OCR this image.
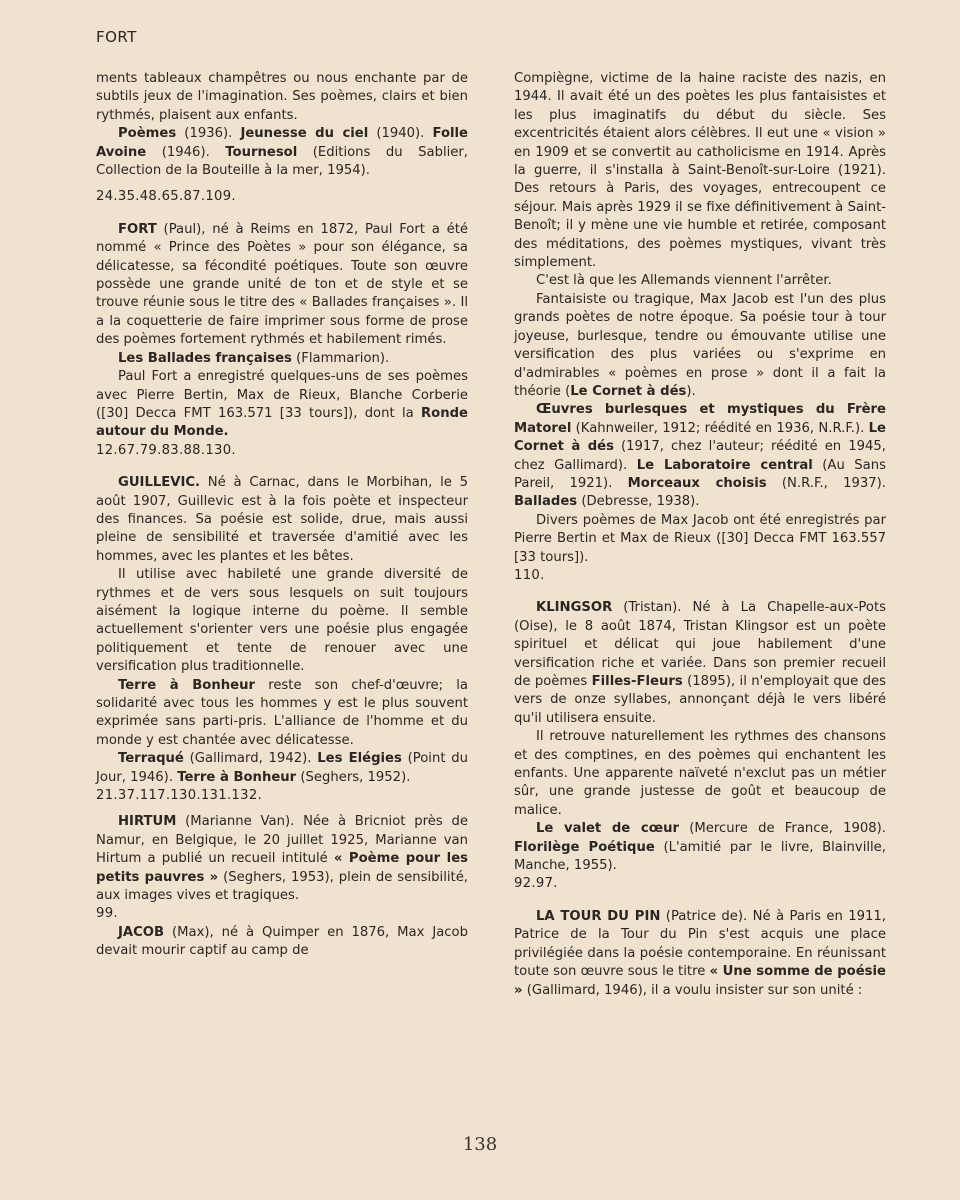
FORT

ments tableaux champêtres ou nous enchante par de subtils jeux de l'imagination. Ses poèmes, clairs et bien rythmés, plaisent aux enfants.

Poèmes (1936). Jeunesse du ciel (1940). Folle Avoine (1946). Tournesol (Editions du Sablier, Collection de la Bouteille à la mer, 1954).

24.35.48.65.87.109.

FORT (Paul), né à Reims en 1872, Paul Fort a été nommé « Prince des Poètes » pour son élégance, sa délicatesse, sa fécondité poétiques. Toute son œuvre possède une grande unité de ton et de style et se trouve réunie sous le titre des « Ballades françaises ». Il a la coquetterie de faire imprimer sous forme de prose des poèmes fortement rythmés et habilement rimés.

Les Ballades françaises (Flammarion).

Paul Fort a enregistré quelques-uns de ses poèmes avec Pierre Bertin, Max de Rieux, Blanche Corberie ([30] Decca FMT 163.571 [33 tours]), dont la Ronde autour du Monde.

12.67.79.83.88.130.

GUILLEVIC. Né à Carnac, dans le Morbihan, le 5 août 1907, Guillevic est à la fois poète et inspecteur des finances. Sa poésie est solide, drue, mais aussi pleine de sensibilité et traversée d'amitié avec les hommes, avec les plantes et les bêtes.

Il utilise avec habileté une grande diversité de rythmes et de vers sous lesquels on suit toujours aisément la logique interne du poème. Il semble actuellement s'orienter vers une poésie plus engagée politiquement et tente de renouer avec une versification plus traditionnelle.

Terre à Bonheur reste son chef-d'œuvre; la solidarité avec tous les hommes y est le plus souvent exprimée sans parti-pris. L'alliance de l'homme et du monde y est chantée avec délicatesse.

Terraqué (Gallimard, 1942). Les Elégies (Point du Jour, 1946). Terre à Bonheur (Seghers, 1952).

21.37.117.130.131.132.

HIRTUM (Marianne Van). Née à Bricniot près de Namur, en Belgique, le 20 juillet 1925, Marianne van Hirtum a publié un recueil intitulé « Poème pour les petits pauvres » (Seghers, 1953), plein de sensibilité, aux images vives et tragiques.

99.

JACOB (Max), né à Quimper en 1876, Max Jacob devait mourir captif au camp de

Compiègne, victime de la haine raciste des nazis, en 1944. Il avait été un des poètes les plus fantaisistes et les plus imaginatifs du début du siècle. Ses excentricités étaient alors célèbres. Il eut une « vision » en 1909 et se convertit au catholicisme en 1914. Après la guerre, il s'installa à Saint-Benoît-sur-Loire (1921). Des retours à Paris, des voyages, entrecoupent ce séjour. Mais après 1929 il se fixe définitivement à Saint-Benoît; il y mène une vie humble et retirée, composant des méditations, des poèmes mystiques, vivant très simplement.

C'est là que les Allemands viennent l'arrêter.

Fantaisiste ou tragique, Max Jacob est l'un des plus grands poètes de notre époque. Sa poésie tour à tour joyeuse, burlesque, tendre ou émouvante utilise une versification des plus variées ou s'exprime en d'admirables « poèmes en prose » dont il a fait la théorie (Le Cornet à dés).

Œuvres burlesques et mystiques du Frère Matorel (Kahnweiler, 1912; réédité en 1936, N.R.F.). Le Cornet à dés (1917, chez l'auteur; réédité en 1945, chez Gallimard). Le Laboratoire central (Au Sans Pareil, 1921). Morceaux choisis (N.R.F., 1937). Ballades (Debresse, 1938).

Divers poèmes de Max Jacob ont été enregistrés par Pierre Bertin et Max de Rieux ([30] Decca FMT 163.557 [33 tours]).

110.

KLINGSOR (Tristan). Né à La Chapelle-aux-Pots (Oise), le 8 août 1874, Tristan Klingsor est un poète spirituel et délicat qui joue habilement d'une versification riche et variée. Dans son premier recueil de poèmes Filles-Fleurs (1895), il n'employait que des vers de onze syllabes, annonçant déjà le vers libéré qu'il utilisera ensuite.

Il retrouve naturellement les rythmes des chansons et des comptines, en des poèmes qui enchantent les enfants. Une apparente naïveté n'exclut pas un métier sûr, une grande justesse de goût et beaucoup de malice.

Le valet de cœur (Mercure de France, 1908). Florilège Poétique (L'amitié par le livre, Blainville, Manche, 1955).

92.97.

LA TOUR DU PIN (Patrice de). Né à Paris en 1911, Patrice de la Tour du Pin s'est acquis une place privilégiée dans la poésie contemporaine. En réunissant toute son œuvre sous le titre « Une somme de poésie » (Gallimard, 1946), il a voulu insister sur son unité :

138
